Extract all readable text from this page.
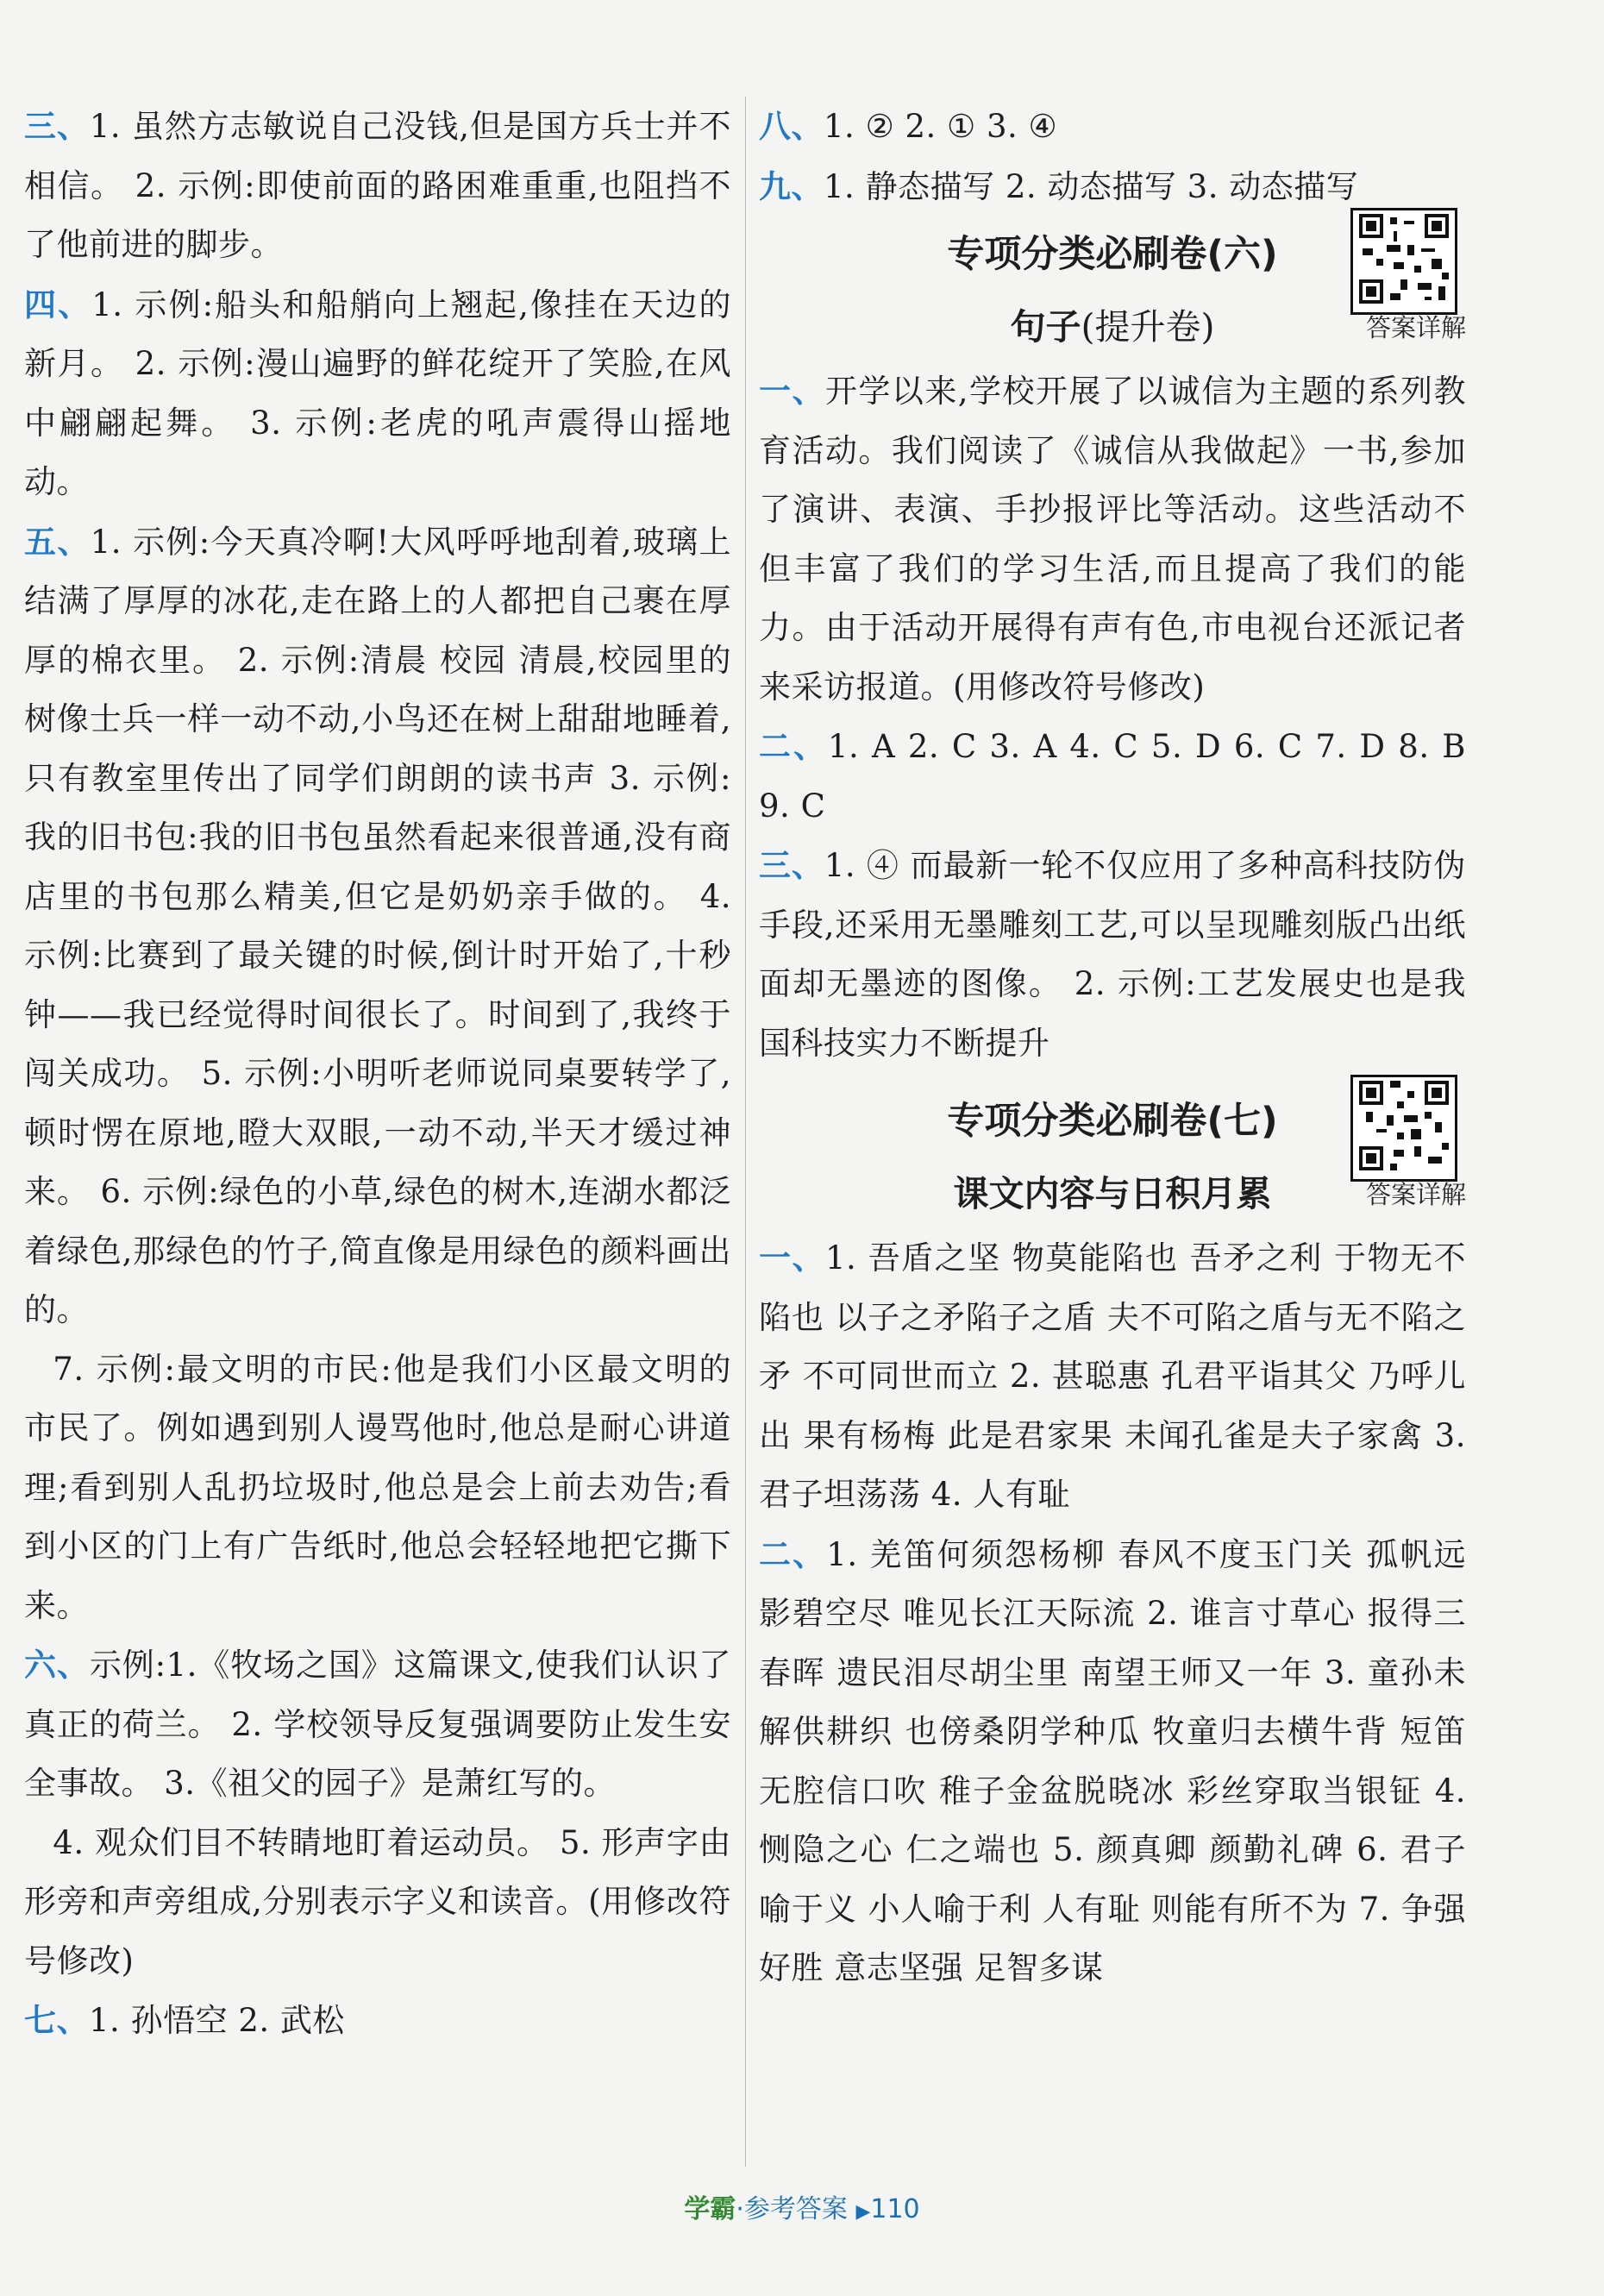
三、1. 虽然方志敏说自己没钱,但是国方兵士并不相信。 2. 示例:即使前面的路困难重重,也阻挡不了他前进的脚步。

四、1. 示例:船头和船艄向上翘起,像挂在天边的新月。 2. 示例:漫山遍野的鲜花绽开了笑脸,在风中翩翩起舞。 3. 示例:老虎的吼声震得山摇地动。

五、1. 示例:今天真冷啊!大风呼呼地刮着,玻璃上结满了厚厚的冰花,走在路上的人都把自己裹在厚厚的棉衣里。 2. 示例:清晨 校园 清晨,校园里的树像士兵一样一动不动,小鸟还在树上甜甜地睡着,只有教室里传出了同学们朗朗的读书声 3. 示例:我的旧书包:我的旧书包虽然看起来很普通,没有商店里的书包那么精美,但它是奶奶亲手做的。 4. 示例:比赛到了最关键的时候,倒计时开始了,十秒钟——我已经觉得时间很长了。时间到了,我终于闯关成功。 5. 示例:小明听老师说同桌要转学了,顿时愣在原地,瞪大双眼,一动不动,半天才缓过神来。 6. 示例:绿色的小草,绿色的树木,连湖水都泛着绿色,那绿色的竹子,简直像是用绿色的颜料画出的。

7. 示例:最文明的市民:他是我们小区最文明的市民了。例如遇到别人谩骂他时,他总是耐心讲道理;看到别人乱扔垃圾时,他总是会上前去劝告;看到小区的门上有广告纸时,他总会轻轻地把它撕下来。

六、示例:1.《牧场之国》这篇课文,使我们认识了真正的荷兰。 2. 学校领导反复强调要防止发生安全事故。 3.《祖父的园子》是萧红写的。

4. 观众们目不转睛地盯着运动员。 5. 形声字由形旁和声旁组成,分别表示字义和读音。(用修改符号修改)

七、1. 孙悟空 2. 武松

八、1. ② 2. ① 3. ④

九、1. 静态描写 2. 动态描写 3. 动态描写

专项分类必刷卷(六)
答案详解
句子(提升卷)

一、开学以来,学校开展了以诚信为主题的系列教育活动。我们阅读了《诚信从我做起》一书,参加了演讲、表演、手抄报评比等活动。这些活动不但丰富了我们的学习生活,而且提高了我们的能力。由于活动开展得有声有色,市电视台还派记者来采访报道。(用修改符号修改)

二、1. A 2. C 3. A 4. C 5. D 6. C 7. D 8. B 9. C

三、1. ④ 而最新一轮不仅应用了多种高科技防伪手段,还采用无墨雕刻工艺,可以呈现雕刻版凸出纸面却无墨迹的图像。 2. 示例:工艺发展史也是我国科技实力不断提升

专项分类必刷卷(七)
答案详解
课文内容与日积月累

一、1. 吾盾之坚 物莫能陷也 吾矛之利 于物无不陷也 以子之矛陷子之盾 夫不可陷之盾与无不陷之矛 不可同世而立 2. 甚聪惠 孔君平诣其父 乃呼儿出 果有杨梅 此是君家果 未闻孔雀是夫子家禽 3. 君子坦荡荡 4. 人有耻

二、1. 羌笛何须怨杨柳 春风不度玉门关 孤帆远影碧空尽 唯见长江天际流 2. 谁言寸草心 报得三春晖 遗民泪尽胡尘里 南望王师又一年 3. 童孙未解供耕织 也傍桑阴学种瓜 牧童归去横牛背 短笛无腔信口吹 稚子金盆脱晓冰 彩丝穿取当银钲 4. 恻隐之心 仁之端也 5. 颜真卿 颜勤礼碑 6. 君子喻于义 小人喻于利 人有耻 则能有所不为 7. 争强好胜 意志坚强 足智多谋

学霸·参考答案 ▶110
